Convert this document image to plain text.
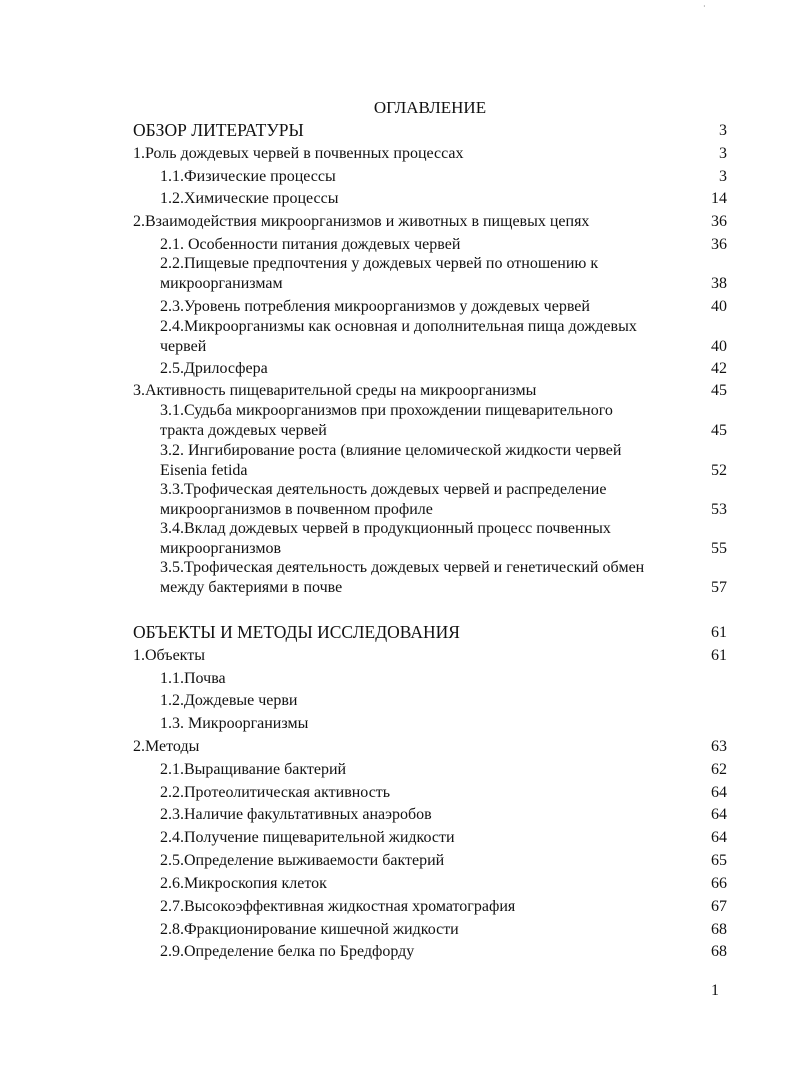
·
ОГЛАВЛЕНИЕ
ОБЗОР ЛИТЕРАТУРЫ	3
1.Роль дождевых червей в почвенных процессах	3
1.1.Физические процессы	3
1.2.Химические процессы	14
2.Взаимодействия микроорганизмов и животных в пищевых цепях	36
2.1. Особенности питания дождевых червей	36
2.2.Пищевые предпочтения у дождевых червей по отношению к
микроорганизмам	38
2.3.Уровень потребления микроорганизмов у дождевых червей	40
2.4.Микроорганизмы как основная и дополнительная пища дождевых
червей	40
2.5.Дрилосфера	42
3.Активность пищеварительной среды на микроорганизмы	45
3.1.Судьба микроорганизмов при прохождении пищеварительного
тракта дождевых червей	45
3.2. Ингибирование роста (влияние целомической жидкости червей
Eisenia fetida	52
3.3.Трофическая деятельность дождевых червей и распределение
микроорганизмов в почвенном профиле	53
3.4.Вклад дождевых червей в продукционный процесс почвенных
микроорганизмов	55
3.5.Трофическая деятельность дождевых червей и генетический обмен
между бактериями в почве	57
ОБЪЕКТЫ И МЕТОДЫ ИССЛЕДОВАНИЯ	61
1.Объекты	61
1.1.Почва
1.2.Дождевые черви
1.3. Микроорганизмы
2.Методы	63
2.1.Выращивание бактерий	62
2.2.Протеолитическая активность	64
2.3.Наличие факультативных анаэробов	64
2.4.Получение пищеварительной жидкости	64
2.5.Определение выживаемости бактерий	65
2.6.Микроскопия клеток	66
2.7.Высокоэффективная жидкостная хроматография	67
2.8.Фракционирование кишечной жидкости	68
2.9.Определение белка по Бредфорду	68
1
